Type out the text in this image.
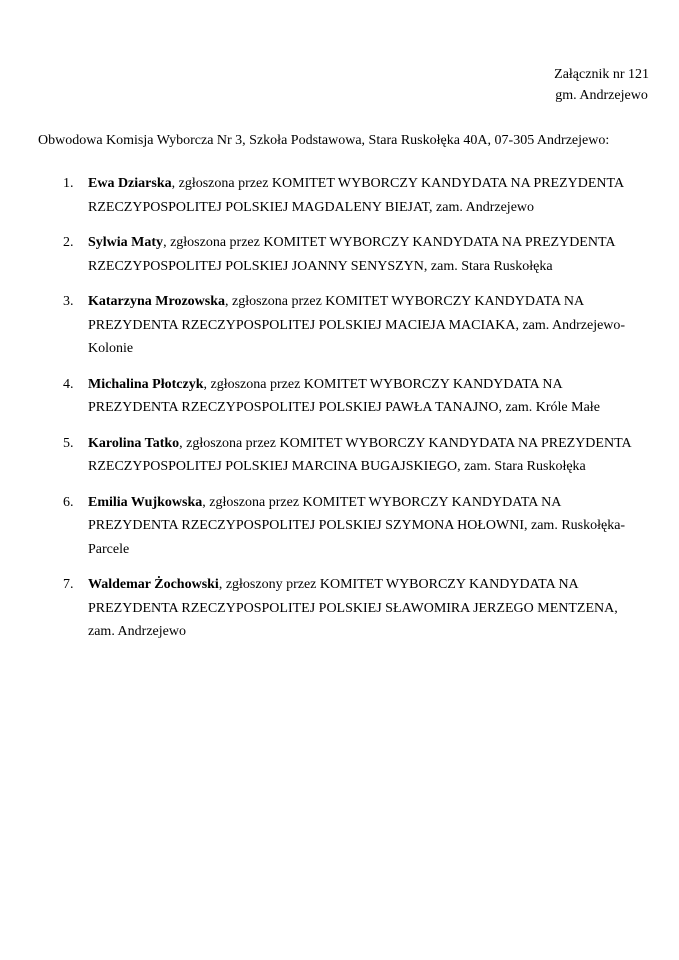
Załącznik nr 121
gm. Andrzejewo
Obwodowa Komisja Wyborcza Nr 3, Szkoła Podstawowa, Stara Ruskołęka 40A, 07-305 Andrzejewo:
1.	Ewa Dziarska, zgłoszona przez KOMITET WYBORCZY KANDYDATA NA PREZYDENTA RZECZYPOSPOLITEJ POLSKIEJ MAGDALENY BIEJAT, zam. Andrzejewo
2.	Sylwia Maty, zgłoszona przez KOMITET WYBORCZY KANDYDATA NA PREZYDENTA RZECZYPOSPOLITEJ POLSKIEJ JOANNY SENYSZYN, zam. Stara Ruskołęka
3.	Katarzyna Mrozowska, zgłoszona przez KOMITET WYBORCZY KANDYDATA NA PREZYDENTA RZECZYPOSPOLITEJ POLSKIEJ MACIEJA MACIAKA, zam. Andrzejewo-Kolonie
4.	Michalina Płotczyk, zgłoszona przez KOMITET WYBORCZY KANDYDATA NA PREZYDENTA RZECZYPOSPOLITEJ POLSKIEJ PAWŁA TANAJNO, zam. Króle Małe
5.	Karolina Tatko, zgłoszona przez KOMITET WYBORCZY KANDYDATA NA PREZYDENTA RZECZYPOSPOLITEJ POLSKIEJ MARCINA BUGAJSKIEGO, zam. Stara Ruskołęka
6.	Emilia Wujkowska, zgłoszona przez KOMITET WYBORCZY KANDYDATA NA PREZYDENTA RZECZYPOSPOLITEJ POLSKIEJ SZYMONA HOŁOWNI, zam. Ruskołęka-Parcele
7.	Waldemar Żochowski, zgłoszony przez KOMITET WYBORCZY KANDYDATA NA PREZYDENTA RZECZYPOSPOLITEJ POLSKIEJ SŁAWOMIRA JERZEGO MENTZENA, zam. Andrzejewo
